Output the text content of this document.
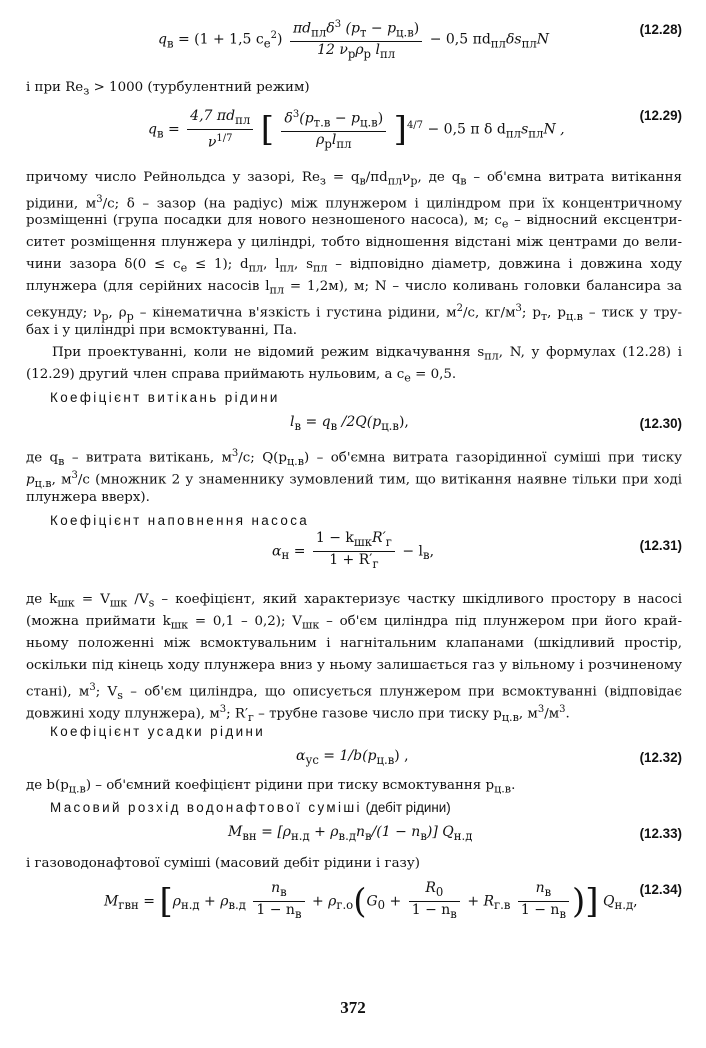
$q_в = (1 + 1,5$ $c_е^2) \frac{\pi d_{пл}\delta^3 (p_т - p_{ц.в})}{12 \nu_р\rho_р l_{пл}} - 0,5$ $\pi d_{пл}\delta s_{пл}N$
(12.28)
і при $Re_з > 1000$ (турбулентний режим)
$q_в = \frac{4,7 \pi d_{пл}}{\nu^{1/7}}$ [ $\frac{\delta^3(p_{т.в} - p_{ц.в})}{\rho_рl_{пл}} ]^{4/7} - 0,5$ π δ $d_{пл}s_{пл}N$ ,
(12.29)
причому число Рейнольдса у зазорі, $Re_з = q_в/\pi d_{пл}\nu_р$, де $q_в$ – об'ємна витрата витікання
рідини, $м^3/с$; δ – зазор (на радіус) між плунжером і циліндром при їх концентричному
розміщенні (група посадки для нового незношеного насоса), м; $c_е$ – відносний ексцентри-
ситет розміщення плунжера у циліндрі, тобто відношення відстані між центрами до вели-
чини зазора $\delta(0 \le c_е \le 1)$; $d_{пл}$, $l_{пл}$, $s_{пл}$ – відповідно діаметр, довжина і довжина ходу
плунжера (для серійних насосів $l_{пл} = 1,2м$), м; N – число коливань головки балансира за
секунду; $\nu_р$, $\rho_р$ – кінематична в'язкість і густина рідини, $м^2/с$, $кг/м^3$; $p_т$, $p_{ц.в}$ – тиск у тру-
бах і у циліндрі при всмоктуванні, Па.
При проектуванні, коли не відомий режим відкачування $s_{пл}$, N, у формулах (12.28) і
(12.29) другий член справа приймають нульовим, а $c_е = 0,5$.
Коефіцієнт витікань рідини
$l_в = q_в$ $/2Q(p_{ц.в})$,	(12.30)
де $q_в$ – витрата витікань, $м^3/с$; $Q(p_{ц.в})$ – об'ємна витрата газорідинної суміші при тиску
$p_{ц.в}$, $м^3/с$ (множник 2 у знаменнику зумовлений тим, що витікання наявне тільки при ході
плунжера вверх).
Коефіцієнт наповнення насоса
$\alpha_н = \frac{1 - k_{шк}R'_г}{1 + R'_г} - l_в$,	(12.31)
де $k_{шк} = V_{шк}$ $/V_s$ – коефіцієнт, який характеризує частку шкідливого простору в насосі
(можна приймати $k_{шк} = 0,1 - 0,2$); $V_{шк} - об'єм$ циліндра під плунжером при його край-
ньому положенні між всмоктувальним і нагнітальним клапанами (шкідливий простір,
оскільки під кінець ходу плунжера вниз у ньому залишається газ у вільному і розчиненому
стані), $м^3$; $V_s - об'єм$ циліндра, що описується плунжером при всмоктуванні (відповідає
довжині ходу плунжера), $м^3$; $R'_г$ – трубне газове число при тиску $p_{ц.в}$, $м^3/м^3$.
Коефіцієнт усадки рідини
$\alpha_{ус} = 1/b(p_{ц.в})$ ,	(12.32)
де $b(p_{ц.в})$ – об'ємний коефіцієнт рідини при тиску всмоктування $p_{ц.в}$.
Масовий розхід водонафтової суміші (дебіт рідини)
$M_{вн} = [\rho_{н.д} + \rho_{в.д}n_в/(1 - n_в)]$ $Q_{н.д}$	(12.33)
і газоводонафтової суміші (масовий дебіт рідини і газу)
$M_{гвн} = [\rho_{н.д} + \rho_{в.д} \frac{n_в}{1 - n_в} + \rho_{г.о}(G_0 + \frac{R_0}{1 - n_в} + R_{г.в} \frac{n_в}{1 - n_в}$ )] $Q_{н.д}$,
(12.34)
372
